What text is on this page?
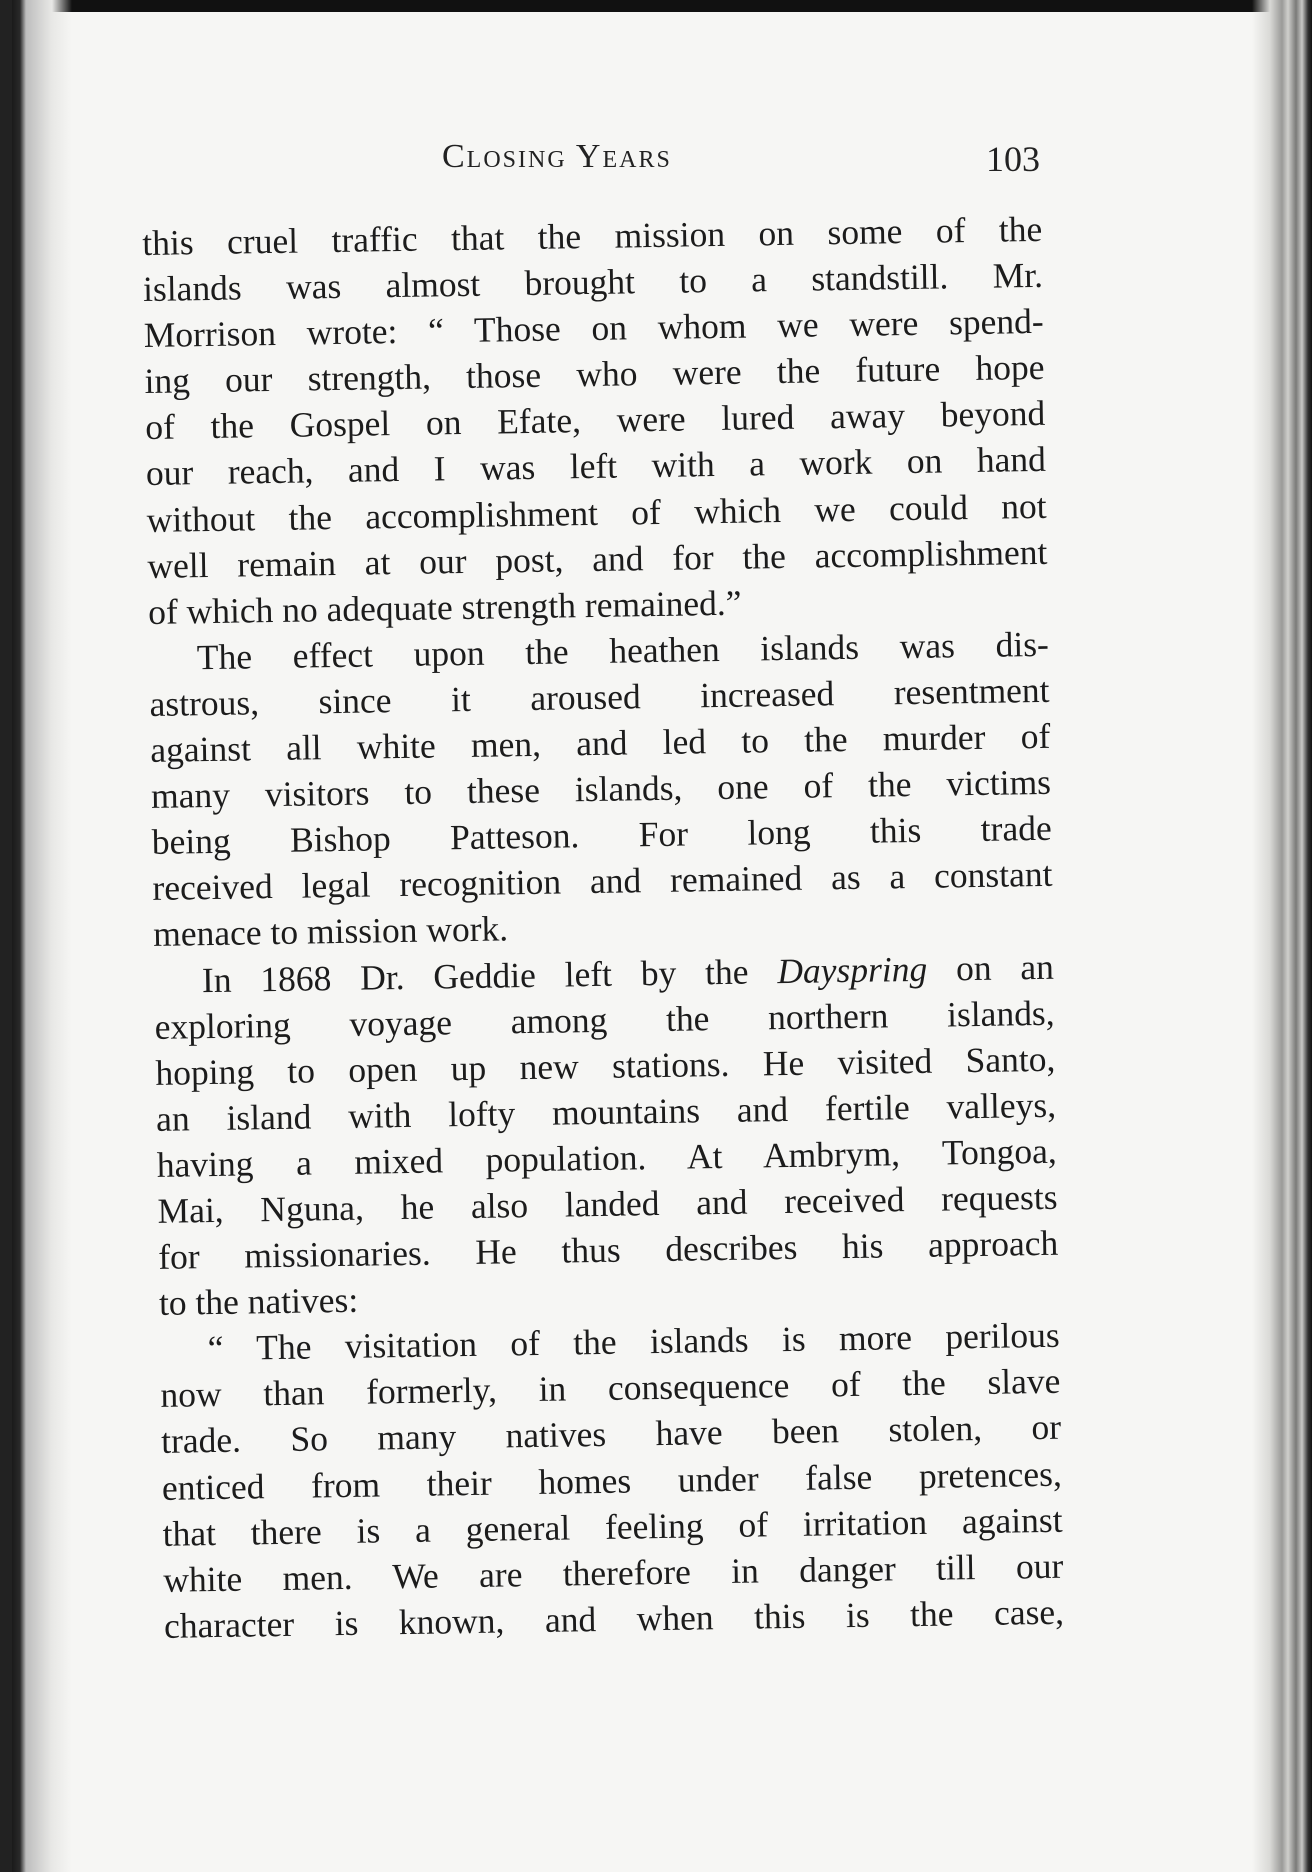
Closing Years	103
this cruel traffic that the mission on some of the
islands was almost brought to a standstill. Mr.
Morrison wrote: “ Those on whom we were spend-
ing our strength, those who were the future hope
of the Gospel on Efate, were lured away beyond
our reach, and I was left with a work on hand
without the accomplishment of which we could not
well remain at our post, and for the accomplishment
of which no adequate strength remained.”
The effect upon the heathen islands was dis-
astrous, since it aroused increased resentment
against all white men, and led to the murder of
many visitors to these islands, one of the victims
being Bishop Patteson. For long this trade
received legal recognition and remained as a constant
menace to mission work.
In 1868 Dr. Geddie left by the Dayspring on an
exploring voyage among the northern islands,
hoping to open up new stations. He visited Santo,
an island with lofty mountains and fertile valleys,
having a mixed population. At Ambrym, Tongoa,
Mai, Nguna, he also landed and received requests
for missionaries. He thus describes his approach
to the natives:
“ The visitation of the islands is more perilous
now than formerly, in consequence of the slave
trade. So many natives have been stolen, or
enticed from their homes under false pretences,
that there is a general feeling of irritation against
white men. We are therefore in danger till our
character is known, and when this is the case,
